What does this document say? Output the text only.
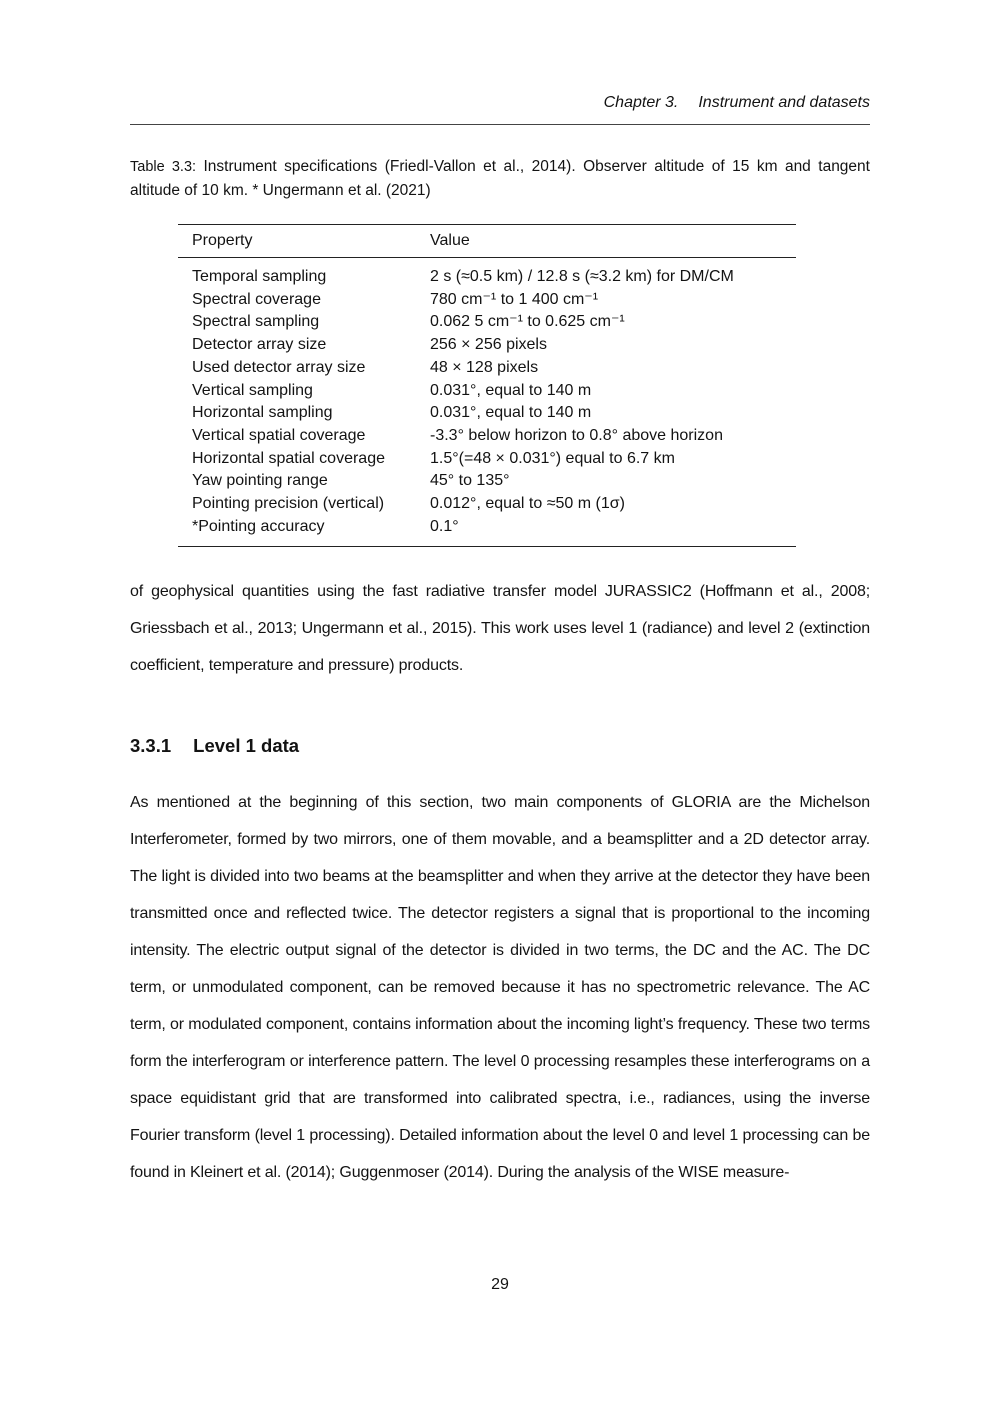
Chapter 3. Instrument and datasets

Table 3.3: Instrument specifications (Friedl-Vallon et al., 2014). Observer altitude of 15 km and tangent altitude of 10 km. * Ungermann et al. (2021)

Property	Value
Temporal sampling	2 s (≈0.5 km) / 12.8 s (≈3.2 km) for DM/CM
Spectral coverage	780 cm⁻¹ to 1 400 cm⁻¹
Spectral sampling	0.062 5 cm⁻¹ to 0.625 cm⁻¹
Detector array size	256 × 256 pixels
Used detector array size	48 × 128 pixels
Vertical sampling	0.031°, equal to 140 m
Horizontal sampling	0.031°, equal to 140 m
Vertical spatial coverage	-3.3° below horizon to 0.8° above horizon
Horizontal spatial coverage	1.5°(=48 × 0.031°) equal to 6.7 km
Yaw pointing range	45° to 135°
Pointing precision (vertical)	0.012°, equal to ≈50 m (1σ)
*Pointing accuracy	0.1°

of geophysical quantities using the fast radiative transfer model JURASSIC2 (Hoffmann et al., 2008; Griessbach et al., 2013; Ungermann et al., 2015). This work uses level 1 (radiance) and level 2 (extinction coefficient, temperature and pressure) products.

3.3.1 Level 1 data

As mentioned at the beginning of this section, two main components of GLORIA are the Michelson Interferometer, formed by two mirrors, one of them movable, and a beamsplitter and a 2D detector array. The light is divided into two beams at the beamsplitter and when they arrive at the detector they have been transmitted once and reflected twice. The detector registers a signal that is proportional to the incoming intensity. The electric output signal of the detector is divided in two terms, the DC and the AC. The DC term, or unmodulated component, can be removed because it has no spectrometric relevance. The AC term, or modulated component, contains information about the incoming light’s frequency. These two terms form the interferogram or interference pattern. The level 0 processing resamples these interferograms on a space equidistant grid that are transformed into calibrated spectra, i.e., radiances, using the inverse Fourier transform (level 1 processing). Detailed information about the level 0 and level 1 processing can be found in Kleinert et al. (2014); Guggenmoser (2014). During the analysis of the WISE measure-

29
